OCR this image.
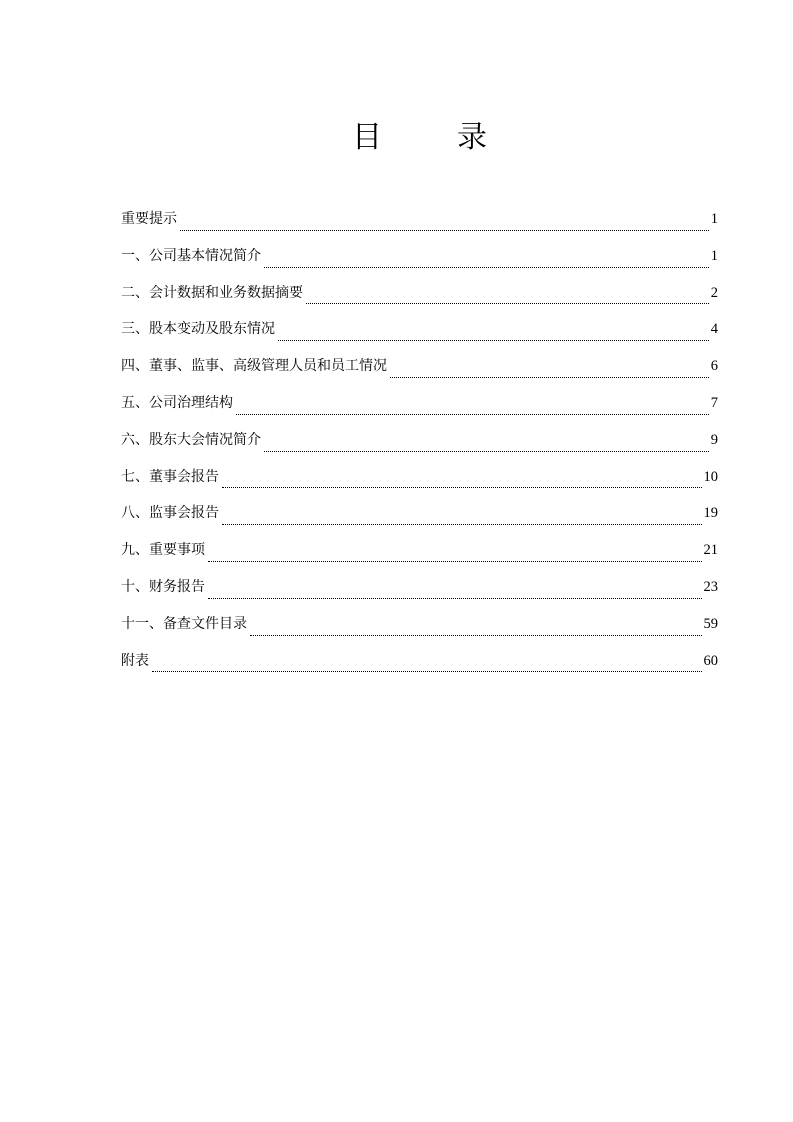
目	录
重要提示	1
一、公司基本情况简介	1
二、会计数据和业务数据摘要	2
三、股本变动及股东情况	4
四、董事、监事、高级管理人员和员工情况	6
五、公司治理结构	7
六、股东大会情况简介	9
七、董事会报告	10
八、监事会报告	19
九、重要事项	21
十、财务报告	23
十一、备查文件目录	59
附表	60
